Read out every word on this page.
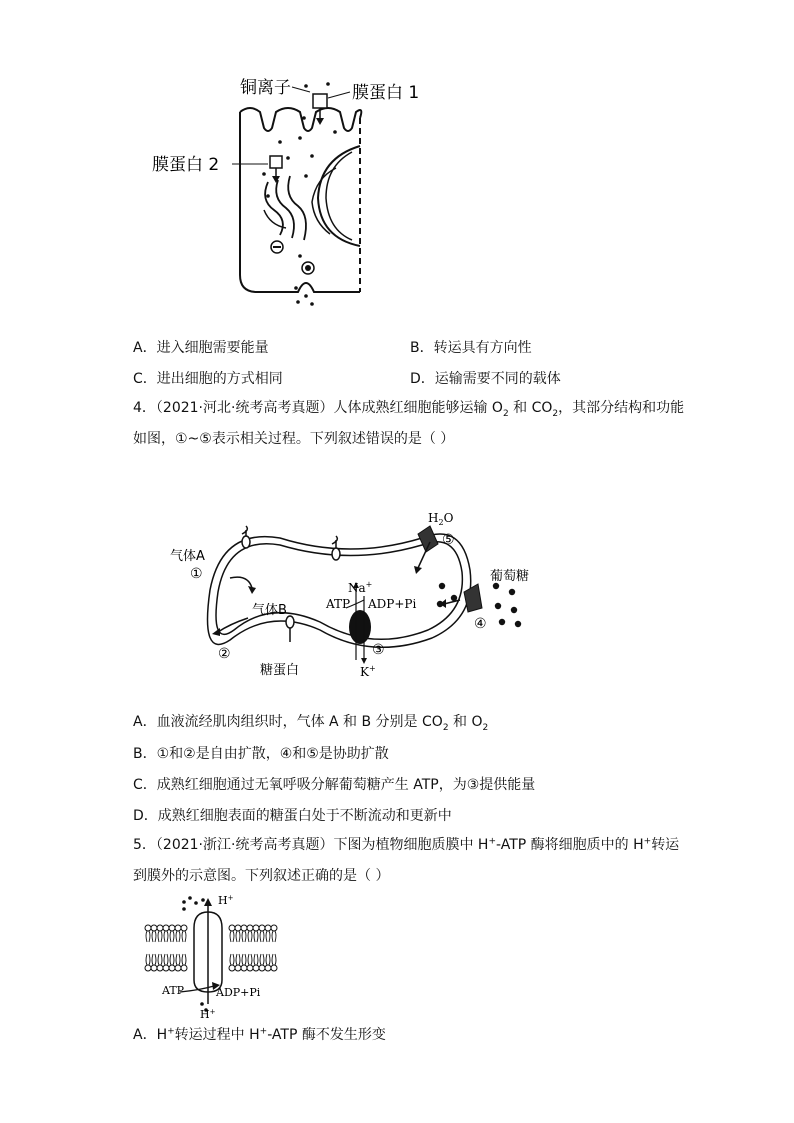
铜离子	膜蛋白 1
膜蛋白 2
A．进入细胞需要能量	B．转运具有方向性
C．进出细胞的方式相同	D．运输需要不同的载体
4．（2021·河北·统考高考真题）人体成熟红细胞能够运输 $O_2$ 和 $CO_2$，其部分结构和功能
如图，①~⑤表示相关过程。下列叙述错误的是（ ）
气体A
①
气体B
②
糖蛋白
$H_2O$
⑤
葡萄糖
④
Na+
ATP ADP+Pi
③
K+
A．血液流经肌肉组织时，气体 A 和 B 分别是 $CO_2$ 和 $O_2$
B．①和②是自由扩散，④和⑤是协助扩散
C．成熟红细胞通过无氧呼吸分解葡萄糖产生 ATP，为③提供能量
D．成熟红细胞表面的糖蛋白处于不断流动和更新中
5．（2021·浙江·统考高考真题）下图为植物细胞质膜中 H+-ATP 酶将细胞质中的 H+转运
到膜外的示意图。下列叙述正确的是（ ）
H+
ATP	ADP+Pi
H+
A．H+转运过程中 H+-ATP 酶不发生形变
